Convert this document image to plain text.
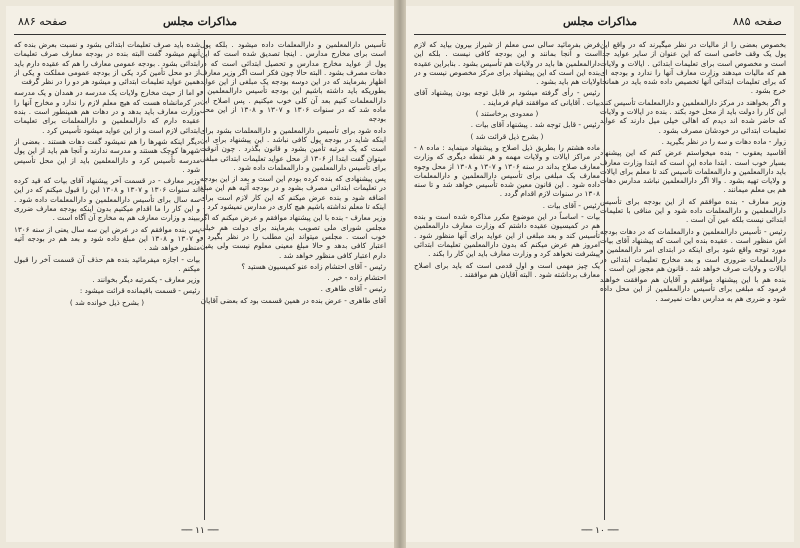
صفحه ۸۸۶	مذاکرات مجلس

تأسیس دارالمعلمین و دارالمعلمات داده میشود . بلکه پول است برای مخارج مدارس . اینجا تصدیق شده است که این پول از عواید مخارج مدارس و تحصیل ابتدائی است که در دهات مصرف بشود . البته حالا چون فکر است اگر وزیر معارف اظهار بفرمایند که در این دوسه بودجه یک مبلغی از این عواید بطوریکه باید داشته باشیم این بودجه تأسیس دارالمعلمین و دارالمعلمات کنیم بعد آن کلی خوب میکنیم . پس اصلاح این ماده شد که در سنوات ۱۳۰۶ و ۱۳۰۷ و ۱۳۰۸ از این محل بودجه

داده شود برای تأسیس دارالمعلمین و دارالمعلمات بشود برای اینکه شاید در بودجه پول کافی نباشد . این پیشنهاد برای این است که یک مرتبه تأمین بشود و قانون بگذرد . چون آنوقت میتوان گفت ابتدا از ۱۳۰۶ از محل عواید تعلیمات ابتدائی مبلغی برای تأسیس دارالمعلمین و دارالمعلمات داده شود .

پس پیشنهادی که بنده کرده بودم این است و بعد از این بودجه در تعلیمات ابتدائی مصرف بشود و در بودجه آتیه هم این مبلغ اضافه شود و بنده عرض میکنم که این کار لازم است برای اینکه تا معلم نداشته باشیم هیچ کاری در مدارس نمیشود کرد .

وزیر معارف - بنده با این پیشنهاد موافقم و عرض میکنم که اگر مجلس شورای ملی تصویب بفرمایند برای دولت هم خیلی خوب است . مجلس میتواند این مطلب را در نظر بگیرد و اعتبار کافی بدهد و حالا مبلغ معینی معلوم نیست ولی یقین دارم اعتبار کافی منظور خواهد شد .

رئیس - آقای احتشام زاده عنو کمیسیون هستید ؟

احتشام زاده - خیر .

رئیس - آقای طاهری .

آقای طاهری - عرض بنده در همین قسمت بود که بعضی آقایان

شده باید صرف تعلیمات ابتدائی بشود و نسبت بعرض بنده که آنهم میشود گفت البته بنده در بودجه معارف صرف تعلیمات ابتدائی بشود . بودجه عمومی معارف را هم که عقیده دارم باید از دو محل تأمین کرد یکی از بودجه عمومی مملکت و یکی از همین عواید تعلیمات ابتدائی و میشود هر دو را در نظر گرفت

و اما از حیث مخارج ولایات یک مدرسه در همدان و یک مدرسه در کرمانشاه هست که هیچ معلم لازم را ندارد و مخارج آنها را وزارت معارف باید بدهد و در دهات هم همینطور است . بنده عقیده دارم که دارالمعلمین و دارالمعلمات برای تعلیمات ابتدائی لازم است و از این عواید میشود تأسیس کرد .

دیگر اینکه شهرها را هم نمیشود گفت دهات هستند . بعضی از شهرها کوچک هستند و مدرسه ندارند و آنجا هم باید از این پول مدرسه تأسیس کرد و دارالمعلمین باید از این محل تأسیس شود .

وزیر معارف - در قسمت آخر پیشنهاد آقای بیات که قید کرده اند سنوات ۱۳۰۶ و ۱۳۰۷ و ۱۳۰۸ این را قبول میکنم که در این سه سال برای تأسیس دارالمعلمین و دارالمعلمات داده شود . و این کار را ما اقدام میکنیم بدون اینکه بودجه معارف ضرری ببیند و وزارت معارف هم به مخارج آن آگاه است .

پس بنده موافقم که در عرض این سه سال یعنی از سنه ۱۳۰۶ و ۱۳۰۷ و ۱۳۰۸ این مبلغ داده شود و بعد هم در بودجه آتیه منظور خواهد شد .

بیات - اجازه میفرمائید بنده هم حذف آن قسمت آخر را قبول میکنم .

وزیر معارف - یکمرتبه دیگر بخوانند .

رئیس - قسمت باقیمانده قرائت میشود :

( بشرح ذیل خوانده شد )

── ۱۱ ──
صفحه ۸۸۵
مذاکرات مجلس

بخصوص بعضی را از مالیات در نظر میگیرند که در واقع این پول یک وقف خاصی است که این عنوان از سایر عواید جدا است و مخصوص است برای تعلیمات ابتدائی . ایالات و ولایات هم که مالیات میدهند وزارت معارف آنها را ندارد و بودجه ای که برای تعلیمات ابتدائی آنها تخصیص داده شده باید در همانجا خرج بشود .

و اگر بخواهند در مرکز دارالمعلمین و دارالمعلمات تأسیس کنند این کار را دولت باید از محل خود بکند . بنده در ایالات و ولایات که حاضر شده اند دیدم که اهالی خیلی میل دارند که عواید تعلیمات ابتدائی در خودشان مصرف بشود .

زوار - ماده دهات و سه را در نظر بگیرید .

آقاسید یعقوب - بنده میخواستم عرض کنم که این پیشنهاد بسیار خوب است . ابتدا ماده این است که ابتدا وزارت معارف باید دارالمعلمین و دارالمعلمات تأسیس کند تا معلم برای ایالات و ولایات تهیه بشود . والا اگر دارالمعلمین نباشد مدارس دهات هم بی معلم میمانند .

وزیر معارف - بنده موافقم که از این بودجه برای تأسیس دارالمعلمین و دارالمعلمات داده شود و این منافی با تعلیمات ابتدائی نیست بلکه عین آن است .

رئیس - تأسیس دارالمعلمین و دارالمعلمات که در دهات بودجه اش منظور است . عقیده بنده این است که پیشنهاد آقای بیات مورد توجه واقع شود برای اینکه در ابتدای امر دارالمعلمین و دارالمعلمات ضروری است و بعد مخارج تعلیمات ابتدائی در ایالات و ولایات صرف خواهد شد . قانون هم مجوز این است .

بنده هم با این پیشنهاد موافقم و آقایان هم موافقت خواهند فرمود که مبلغی برای تأسیس دارالمعلمین از این محل داده شود و ضرری هم به مدارس دهات نمیرسد .

فرض بفرمائید سالی سی معلم از شیراز بیرون بیاید که لازم است و آنجا بمانند و این بودجه کافی نیست . بلکه این دارالمعلمین ها باید در ولایات هم تأسیس بشود . بنابراین عقیده بنده این است که این پیشنهاد برای مرکز مخصوص نیست و در ولایات هم باید بشود .

رئیس - رأی گرفته میشود بر قابل توجه بودن پیشنهاد آقای بیات . آقایانی که موافقند قیام فرمایند .

( معدودی برخاستند )

رئیس - قابل توجه شد . پیشنهاد آقای بیات .

( بشرح ذیل قرائت شد )

ماده هشتم را بطریق ذیل اصلاح و پیشنهاد مینماید : ماده ۸ - در مراکز ایالات و ولایات مهمه و هر نقطه دیگری که وزارت معارف صلاح بداند در سنه ۱۳۰۶ و ۱۳۰۷ و ۱۳۰۸ از محل وجوه معارف یک مبلغی برای تأسیس دارالمعلمین و دارالمعلمات داده شود . این قانون معین شده تأسیس خواهد شد و تا سنه ۱۳۰۸ در سنوات لازم اقدام گردد .

رئیس - آقای بیات .

بیات - اساساً در این موضوع مکرر مذاکره شده است و بنده هم در کمیسیون عقیده داشتم که وزارت معارف دارالمعلمین تأسیس کند و بعد مبلغی از این عواید برای آنها منظور شود . امروز هم عرض میکنم که بدون دارالمعلمین تعلیمات ابتدائی پیشرفت نخواهد کرد و وزارت معارف باید این کار را بکند .

یک چیز مهمی است و اول قدمی است که باید برای اصلاح معارف برداشته شود . البته آقایان هم موافقند .

── ۱۰ ──
